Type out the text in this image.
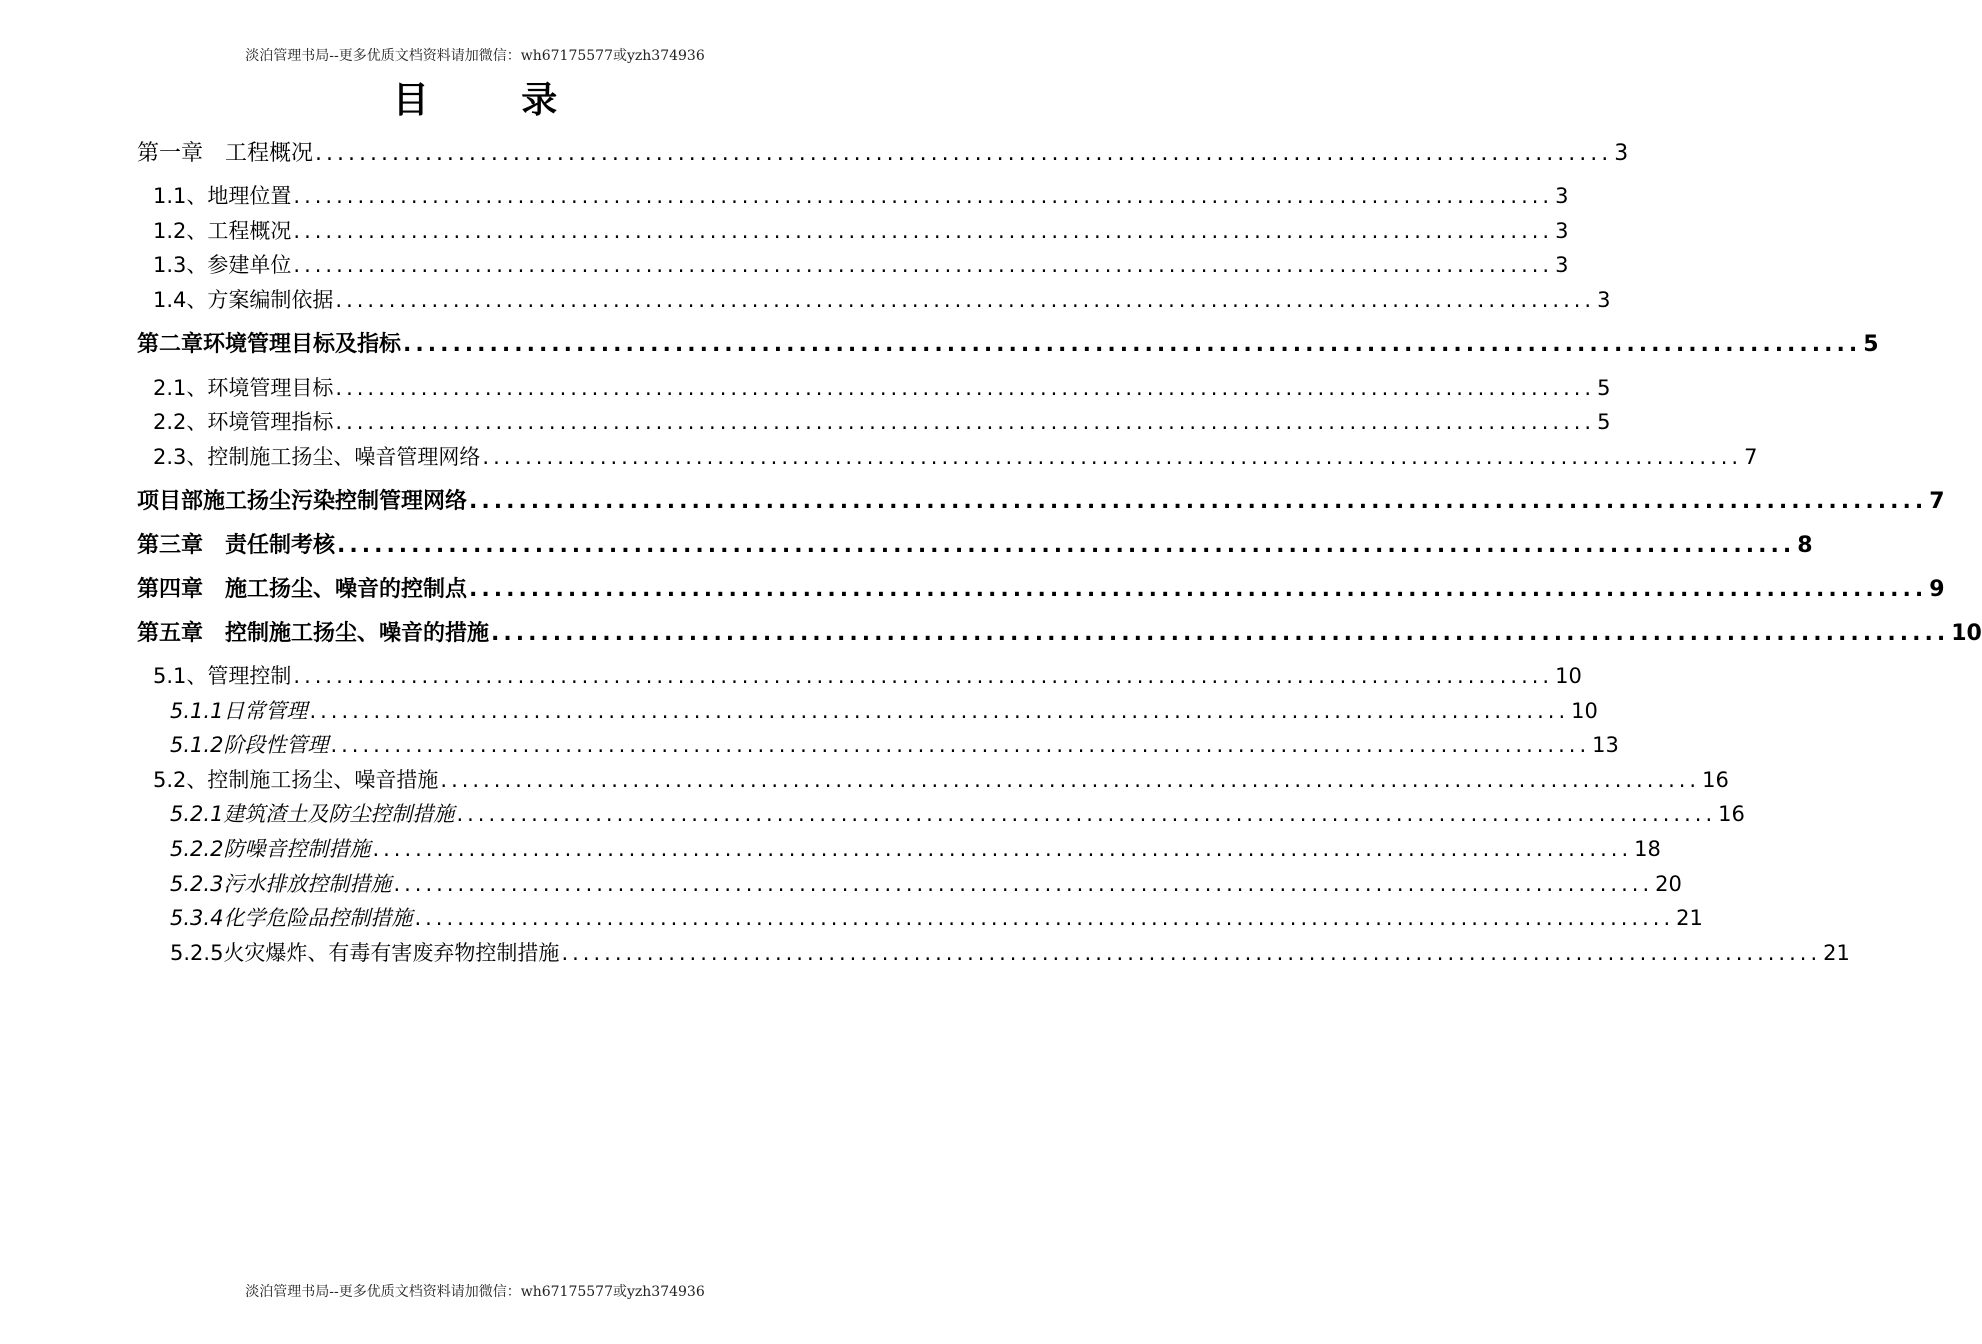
淡泊管理书局--更多优质文档资料请加微信：wh67175577或yzh374936
目 录
第一章　工程概况 ...................................................................................................................... 3
1.1、地理位置 ...................................................................................................................... 3
1.2、工程概况 ...................................................................................................................... 3
1.3、参建单位 ...................................................................................................................... 3
1.4、方案编制依据 ...................................................................................................................... 3
第二章环境管理目标及指标 ...................................................................................................................... 5
2.1、环境管理目标 ...................................................................................................................... 5
2.2、环境管理指标 ...................................................................................................................... 5
2.3、控制施工扬尘、噪音管理网络 ...................................................................................................................... 7
项目部施工扬尘污染控制管理网络 ...................................................................................................................... 7
第三章　责任制考核 ...................................................................................................................... 8
第四章　施工扬尘、噪音的控制点 ...................................................................................................................... 9
第五章　控制施工扬尘、噪音的措施 ...................................................................................................................... 10
5.1、管理控制 ...................................................................................................................... 10
5.1.1日常管理 ...................................................................................................................... 10
5.1.2阶段性管理 ...................................................................................................................... 13
5.2、控制施工扬尘、噪音措施 ...................................................................................................................... 16
5.2.1建筑渣土及防尘控制措施 ...................................................................................................................... 16
5.2.2防噪音控制措施 ...................................................................................................................... 18
5.2.3污水排放控制措施 ...................................................................................................................... 20
5.3.4化学危险品控制措施 ...................................................................................................................... 21
5.2.5火灾爆炸、有毒有害废弃物控制措施 ...................................................................................................................... 21
淡泊管理书局--更多优质文档资料请加微信：wh67175577或yzh374936
